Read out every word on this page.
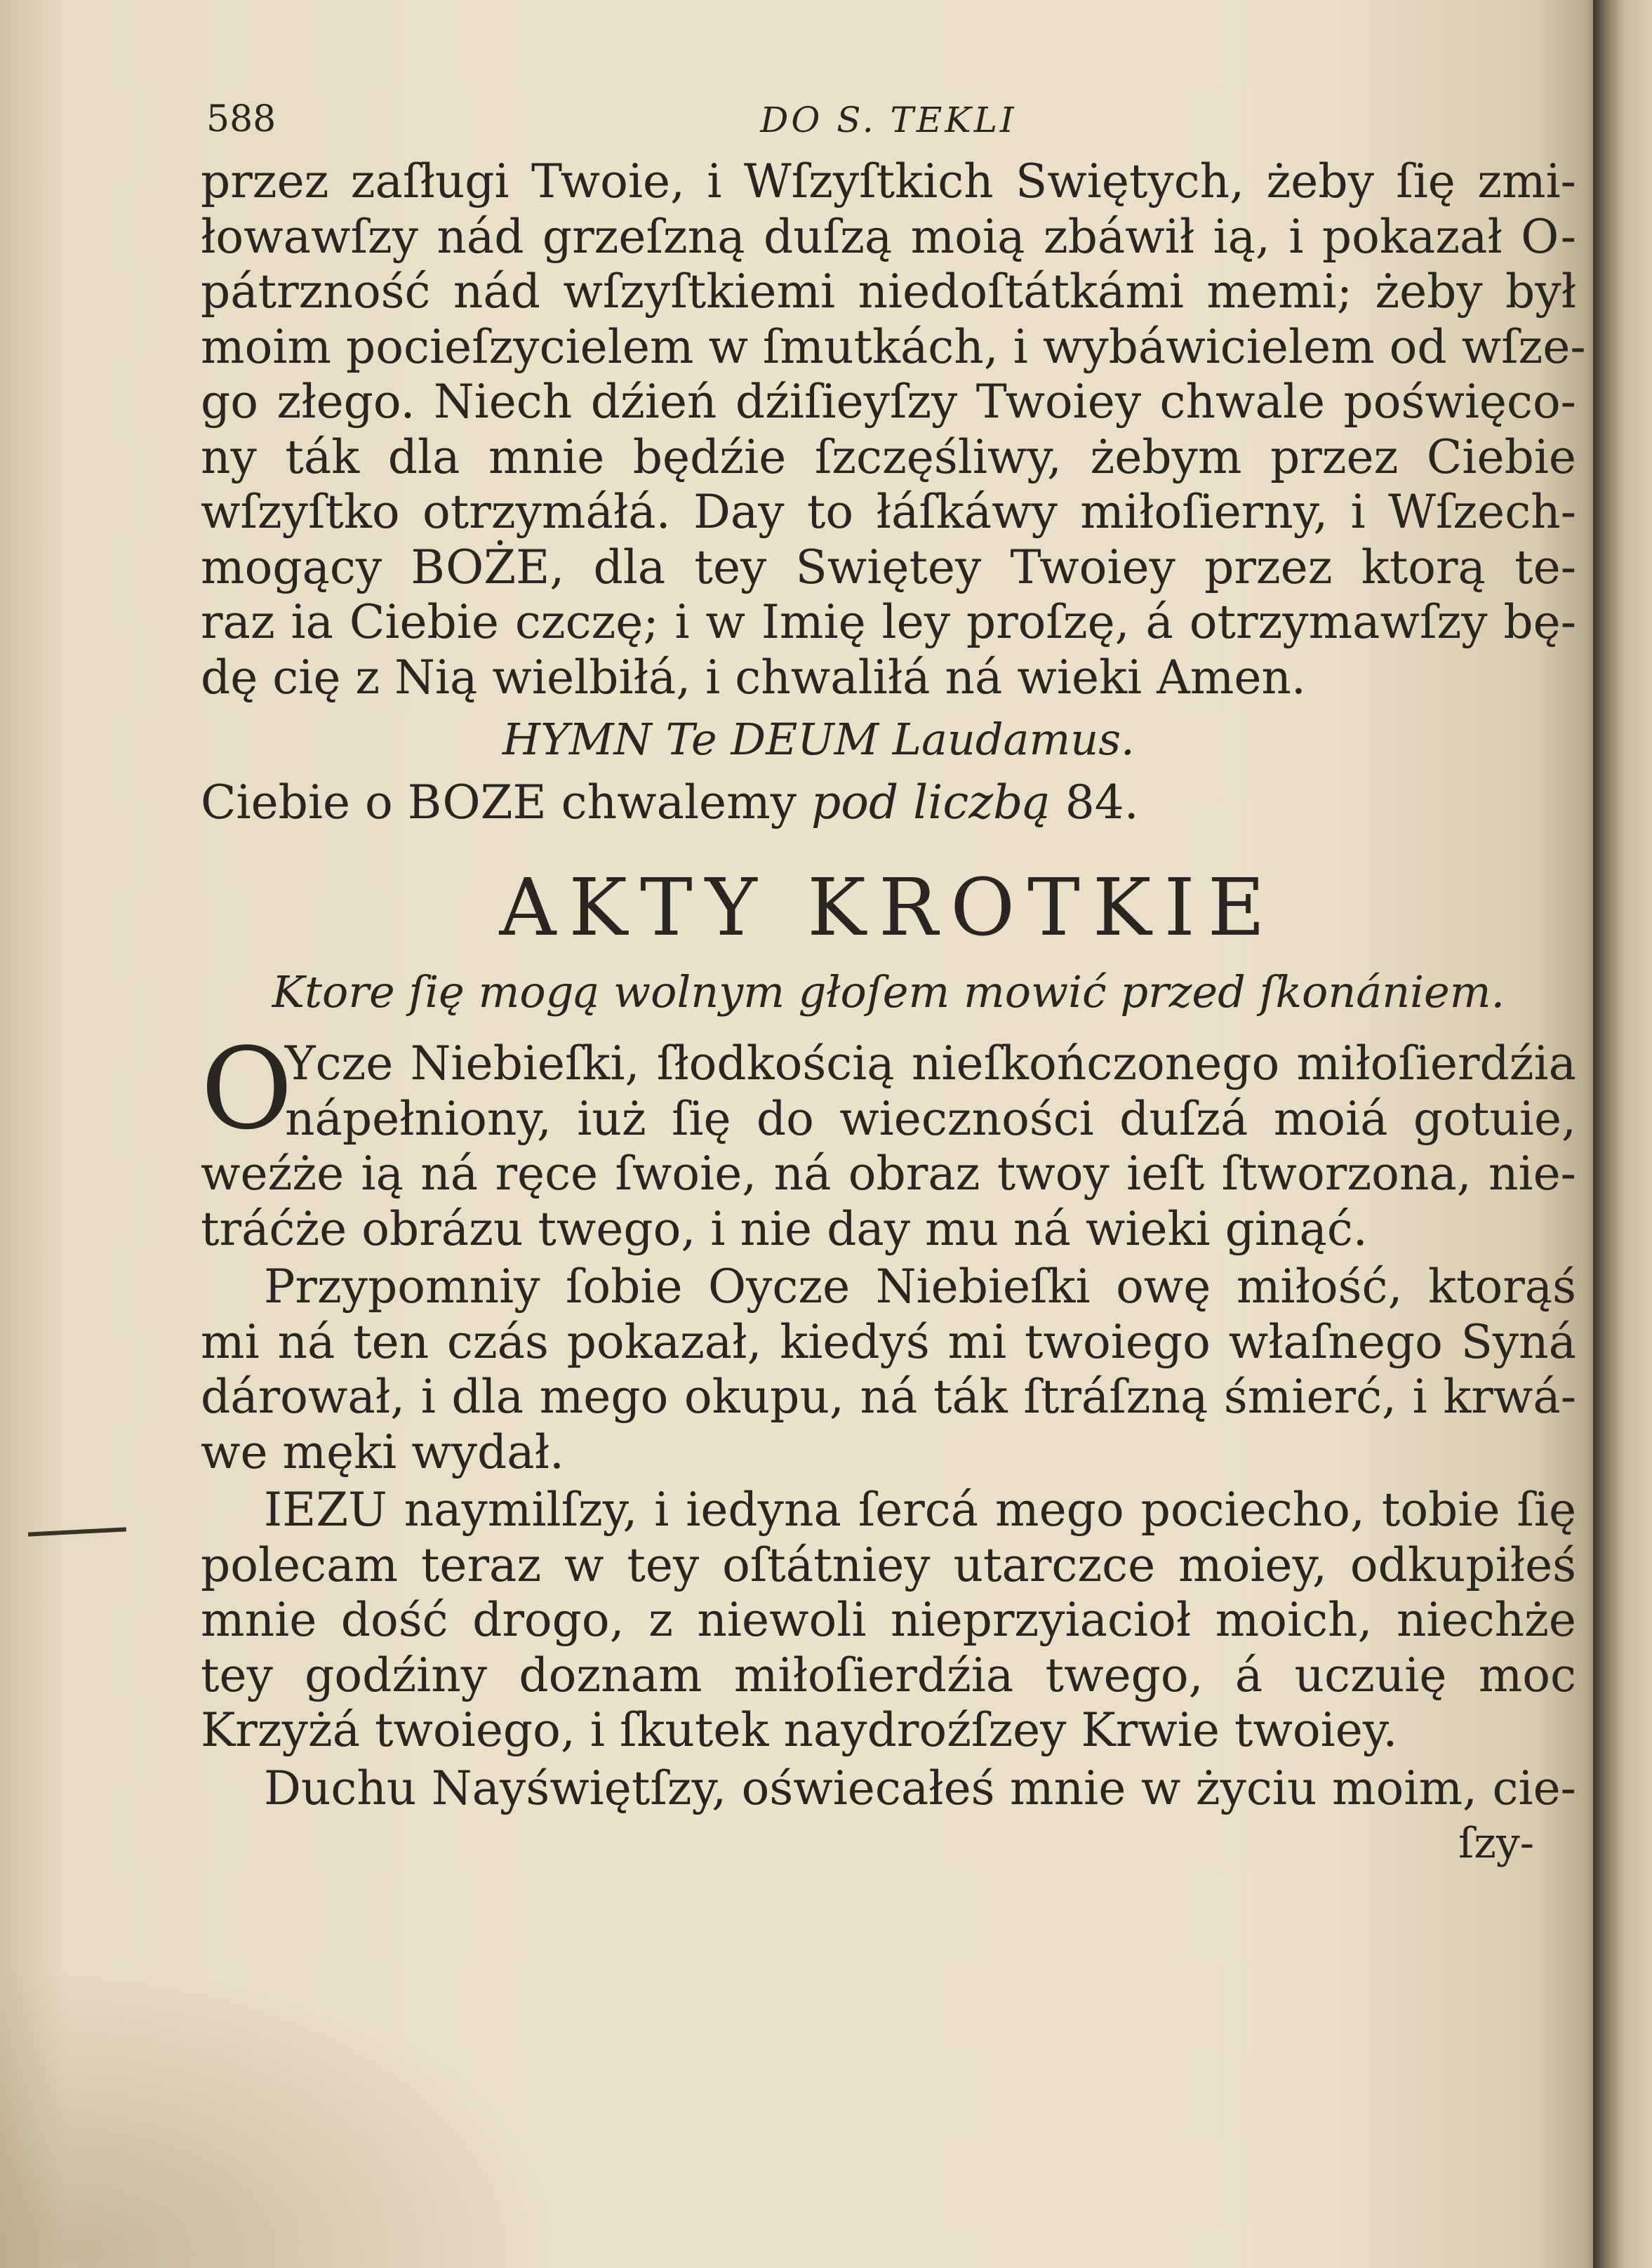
588	DO S. TEKLI
przez zaſługi Twoie, i Wſzyſtkich Swiętych, żeby ſię zmi-
łowawſzy nád grzeſzną duſzą moią zbáwił ią, i pokazał O-
pátrzność nád wſzyſtkiemi niedoſtátkámi memi; żeby był
moim pocieſzycielem w ſmutkách, i wybáwicielem od wſze-
go złego. Niech dźień dźiſieyſzy Twoiey chwale poświęco-
ny ták dla mnie będźie ſzczęśliwy, żebym przez Ciebie
wſzyſtko otrzymáłá. Day to łáſkáwy miłoſierny, i Wſzech-
mogący BOŻE, dla tey Swiętey Twoiey przez ktorą te-
raz ia Ciebie czczę; i w Imię ley proſzę, á otrzymawſzy bę-
dę cię z Nią wielbiłá, i chwaliłá ná wieki Amen.
HYMN Te DEUM Laudamus.
Ciebie o BOZE chwalemy pod liczbą 84.
AKTY KROTKIE
Ktore ſię mogą wolnym głoſem mowić przed ſkonániem.
O
Ycze Niebieſki, ſłodkością nieſkończonego miłoſierdźia
nápełniony, iuż ſię do wieczności duſzá moiá gotuie,
weźże ią ná ręce ſwoie, ná obraz twoy ieſt ſtworzona, nie-
tráćże obrázu twego, i nie day mu ná wieki ginąć.
Przypomniy ſobie Oycze Niebieſki owę miłość, ktorąś
mi ná ten czás pokazał, kiedyś mi twoiego właſnego Syná
dárował, i dla mego okupu, ná ták ſtráſzną śmierć, i krwá-
we męki wydał.
IEZU naymilſzy, i iedyna ſercá mego pociecho, tobie ſię
polecam teraz w tey oſtátniey utarczce moiey, odkupiłeś
mnie dość drogo, z niewoli nieprzyiacioł moich, niechże
tey godźiny doznam miłoſierdźia twego, á uczuię moc
Krzyżá twoiego, i ſkutek naydroźſzey Krwie twoiey.
Duchu Nayświętſzy, oświecałeś mnie w życiu moim, cie-
ſzy-
